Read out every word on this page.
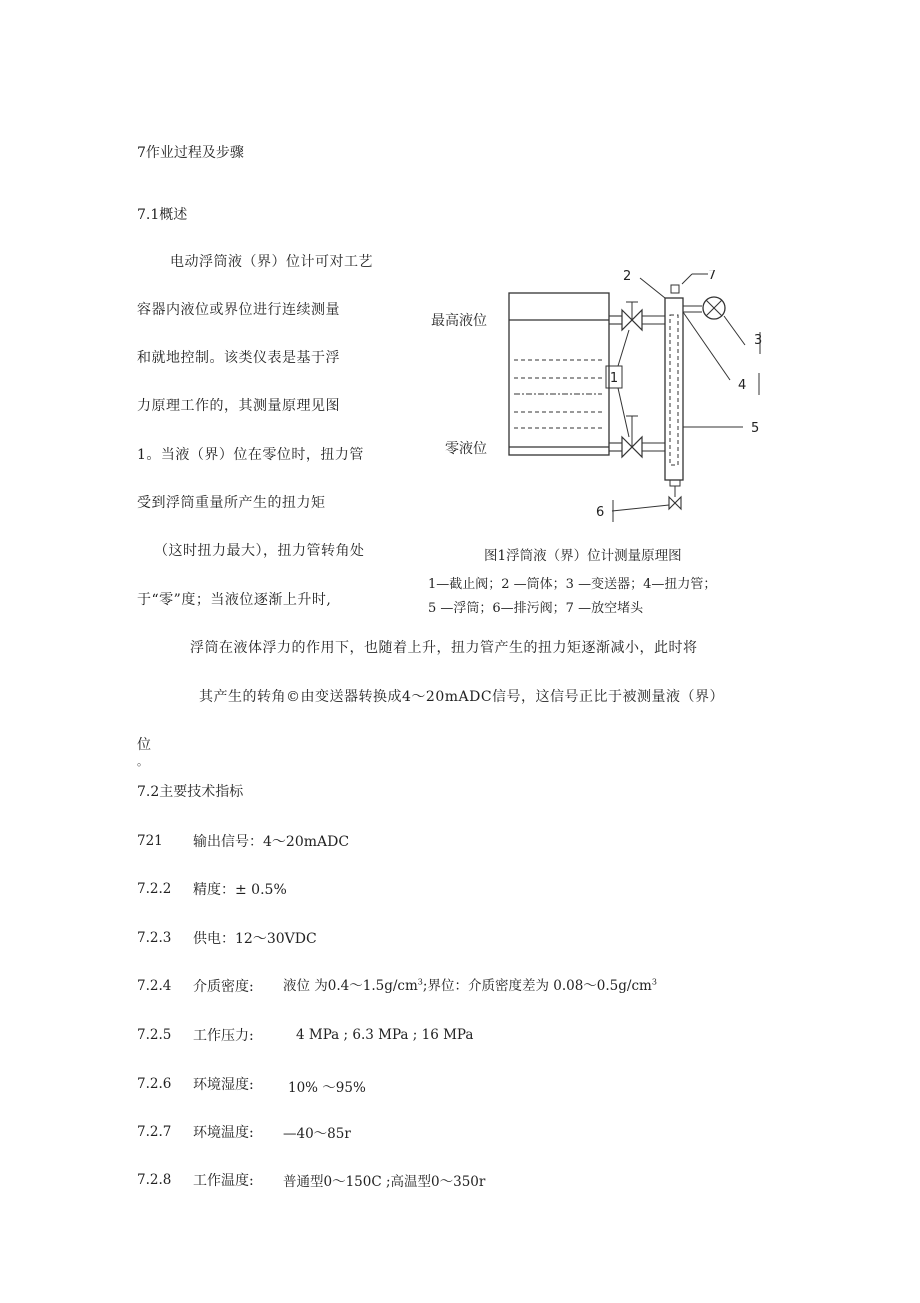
7作业过程及步骤
7.1概述
电动浮筒液（界）位计可对工艺
容器内液位或界位进行连续测量
和就地控制。该类仪表是基于浮
力原理工作的，其测量原理见图
1。当液（界）位在零位时，扭力管
受到浮筒重量所产生的扭力矩
（这时扭力最大），扭力管转角处
于“零”度；当液位逐渐上升时,
1
2	7
3
4
5
6
最高液位
零液位
图1浮筒液（界）位计测量原理图
1—截止阀；2 —筒体；3 —变送器；4—扭力管；
5 —浮筒；6—排污阀；7 —放空堵头
浮筒在液体浮力的作用下，也随着上升，扭力管产生的扭力矩逐渐减小，此时将
其产生的转角©由变送器转换成4〜20mADC信号，这信号正比于被测量液（界）
位
。
7.2主要技术指标
721 输出信号：4〜20mADC
7.2.2 精度：± 0.5%
7.2.3 供电：12〜30VDC
7.2.4 介质密度: 液位 为0.4〜$1.5g/cm^3$;界位：介质密度差为 0.08〜$0.5g/cm^3$
7.2.5 工作压力:	4 MPa ; 6.3 MPa ; 16 MPa
7.2.6 环境湿度:	10% 〜95%
7.2.7 环境温度: —40〜85r
7.2.8 工作温度: 普通型0〜150C ;高温型0〜350r
